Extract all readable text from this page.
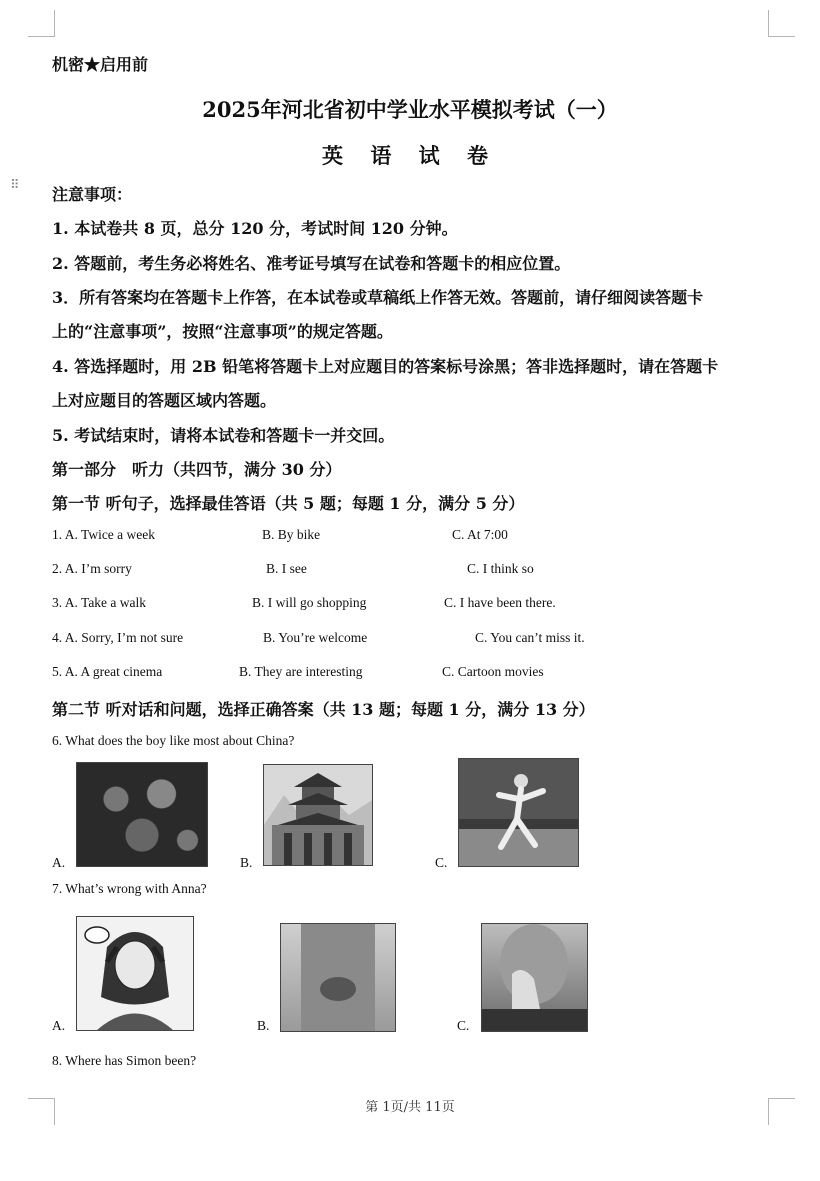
⠿
机密★启用前
2025年河北省初中学业水平模拟考试（一）
英 语 试 卷
注意事项：
1. 本试卷共 8 页，总分 120 分，考试时间 120 分钟。
2. 答题前，考生务必将姓名、准考证号填写在试卷和答题卡的相应位置。
3．所有答案均在答题卡上作答，在本试卷或草稿纸上作答无效。答题前，请仔细阅读答题卡
上的“注意事项”，按照“注意事项”的规定答题。
4. 答选择题时，用 2B 铅笔将答题卡上对应题目的答案标号涂黑；答非选择题时，请在答题卡
上对应题目的答题区域内答题。
5. 考试结束时，请将本试卷和答题卡一并交回。
第一部分　听力（共四节，满分 30 分）
第一节 听句子，选择最佳答语（共 5 题；每题 1 分，满分 5 分）
1. A. Twice a week	B. By bike	C. At 7:00
2. A. I’m sorry	B. I see	C. I think so
3. A. Take a walk	B. I will go shopping	C. I have been there.
4. A. Sorry, I’m not sure	B. You’re welcome	C. You can’t miss it.
5. A. A great cinema	B. They are interesting	C. Cartoon movies
第二节 听对话和问题，选择正确答案（共 13 题；每题 1 分，满分 13 分）
6. What does the boy like most about China?
A.	B.	C.
7. What’s wrong with Anna?
A.	B.	C.
8. Where has Simon been?
第 1页/共 11页
